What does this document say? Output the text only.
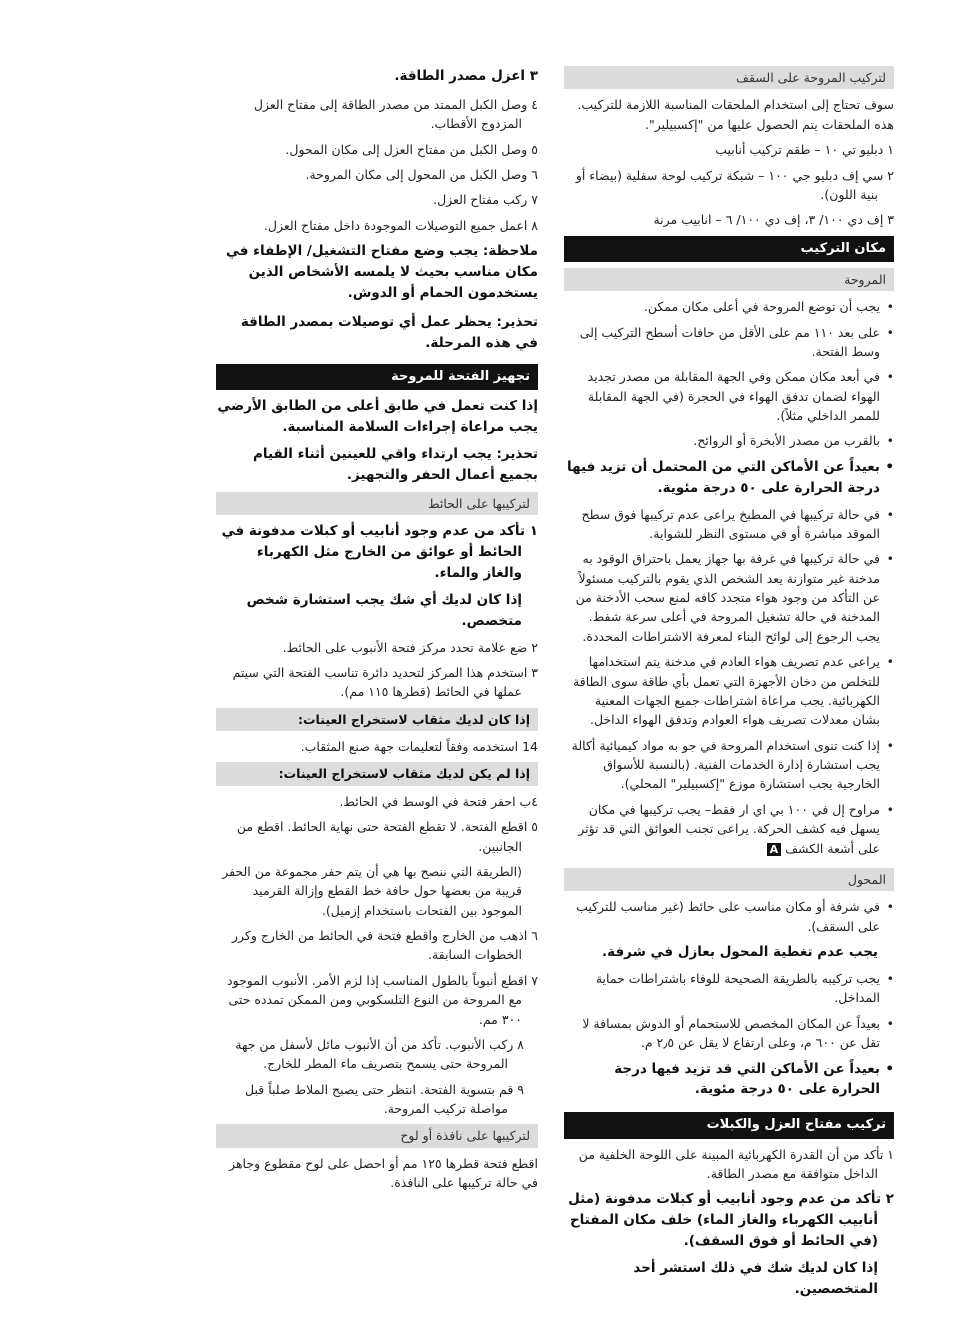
لتركيب المروحة على السقف

سوف تحتاج إلى استخدام الملحقات المناسبة اللازمة للتركيب. هذه الملحقات يتم الحصول عليها من "إكسبيلير".

١ دبليو تي ١٠ – طقم تركيب أنابيب

٢ سي إف دبليو جي ١٠٠ – شبكة تركيب لوحة سفلية (بيضاء أو بنية اللون).

٣ إف دي ١٠٠/ ٣، إف دي ١٠٠/ ٦ – انابيب مرنة

مكان التركيب
المروحة
• يجب أن توضع المروحة في أعلى مكان ممكن.
• على بعد ١١٠ مم على الأقل من حافات أسطح التركيب إلى وسط الفتحة.
• في أبعد مكان ممكن وفي الجهة المقابلة من مصدر تجديد الهواء لضمان تدفق الهواء في الحجرة (في الجهة المقابلة للممر الداخلي مثلاً).
• بالقرب من مصدر الأبخرة أو الروائح.
• بعيداً عن الأماكن التي من المحتمل أن تزيد فيها درجة الحرارة على ٥٠ درجة مئوية.
• في حالة تركيبها في المطبخ يراعى عدم تركيبها فوق سطح الموقد مباشرة أو في مستوى النظر للشواية.
• في حالة تركيبها في غرفة بها جهاز يعمل باحتراق الوقود به مدخنة غير متوازنة يعد الشخص الذي يقوم بالتركيب مسئولاً عن التأكد من وجود هواء متجدد كافه لمنع سحب الأدخنة من المدخنة في حالة تشغيل المروحة في أعلى سرعة شفط. يجب الرجوع إلى لوائح البناء لمعرفة الاشتراطات المحددة.
• يراعى عدم تصريف هواء العادم في مدخنة يتم استخدامها للتخلص من دخان الأجهزة التي تعمل بأي طاقة سوى الطاقة الكهربائية. يجب مراعاة اشتراطات جميع الجهات المعنية بشان معدلات تصريف هواء العوادم وتدفق الهواء الداخل.
• إذا كنت تنوى استخدام المروحة في جو به مواد كيميائية أكالة يجب استشارة إدارة الخدمات الفنية. (بالنسبة للأسواق الخارجية يجب استشارة موزع "إكسبيلير" المحلي).
• مراوح إل في ١٠٠ بي اي ار فقط– يجب تركيبها في مكان يسهل فيه كشف الحركة. يراعى تجنب العوائق التي قد تؤثر على أشعة الكشف A
المحول
• في شرفة أو مكان مناسب على حائط (غير مناسب للتركيب على السقف).

يجب عدم تغطية المحول بعازل في شرفة.

• يجب تركيبه بالطريقة الصحيحة للوفاء باشتراطات حماية المداخل.
• بعيداً عن المكان المخصص للاستحمام أو الدوش بمسافة لا تقل عن ٦٠٠ م، وعلى ارتفاع لا يقل عن ٢٫٥ م.
• بعيداً عن الأماكن التي قد تزيد فيها درجة الحرارة على ٥٠ درجة مئوية.
تركيب مفتاح العزل والكبلات

١ تأكد من أن القدرة الكهربائية المبينة على اللوحة الخلفية من الداخل متوافقة مع مصدر الطاقة.

٢ تأكد من عدم وجود أنابيب أو كبلات مدفونة (مثل أنابيب الكهرباء والغاز الماء) خلف مكان المفتاح (في الحائط أو فوق السقف).

إذا كان لديك شك في ذلك استشر أحد المتخصصين.

٣ اعزل مصدر الطاقة.

٤ وصل الكبل الممتد من مصدر الطاقة إلى مفتاح العزل المزدوج الأقطاب.

٥ وصل الكبل من مفتاح العزل إلى مكان المحول.

٦ وصل الكبل من المحول إلى مكان المروحة.

٧ ركب مفتاح العزل.

٨ اعمل جميع التوصيلات الموجودة داخل مفتاح العزل.

ملاحظة: يجب وضع مفتاح التشغيل/ الإطفاء في مكان مناسب بحيث لا يلمسه الأشخاص الذين يستخدمون الحمام أو الدوش.

تحذير: يحظر عمل أي توصيلات بمصدر الطاقة في هذه المرحلة.

تجهيز الفتحة للمروحة

إذا كنت تعمل في طابق أعلى من الطابق الأرضي يجب مراعاة إجراءات السلامة المناسبة.

تحذير: يجب ارتداء واقي للعينين أثناء القيام بجميع أعمال الحفر والتجهيز.

لتركيبها على الحائط

١ تأكد من عدم وجود أنابيب أو كبلات مدفونة في الحائط أو عوائق من الخارج مثل الكهرباء والغاز والماء.

إذا كان لديك أي شك يجب استشارة شخص متخصص.

٢ ضع علامة تحدد مركز فتحة الأنبوب على الحائط.

٣ استخدم هذا المركز لتحديد دائرة تناسب الفتحة التي سيتم عملها في الحائط (قطرها ١١٥ مم).

إذا كان لديك مثقاب لاستخراج العينات:

14 استخدمه وفقاً لتعليمات جهة صنع المثقاب.

إذا لم يكن لديك مثقاب لاستخراج العينات:

٤ب احفر فتحة في الوسط في الحائط.

٥ اقطع الفتحة. لا تقطع الفتحة حتى نهاية الحائط. اقطع من الجانبين.

(الطريقة التي ننصح بها هي أن يتم حفر مجموعة من الحفر قريبة من بعضها حول حافة خط القطع وإزالة القرميد الموجود بين الفتحات باستخدام إزميل).

٦ اذهب من الخارج واقطع فتحة في الحائط من الخارج وكرر الخطوات السابقة.

٧ اقطع أنبوباً بالطول المناسب إذا لزم الأمر. الأنبوب الموجود مع المروحة من النوع التلسكوبي ومن الممكن تمدده حتى ٣٠٠ مم.

٨ ركب الأنبوب. تأكد من أن الأنبوب مائل لأسفل من جهة المروحة حتى يسمح بتصريف ماء المطر للخارج.

٩ قم بتسوية الفتحة. انتظر حتى يصبح الملاط صلباً قبل مواصلة تركيب المروحة.

لتركيبها على نافذة أو لوح

اقطع فتحة قطرها ١٢٥ مم أو احصل على لوح مقطوع وجاهز في حالة تركيبها على النافذة.
